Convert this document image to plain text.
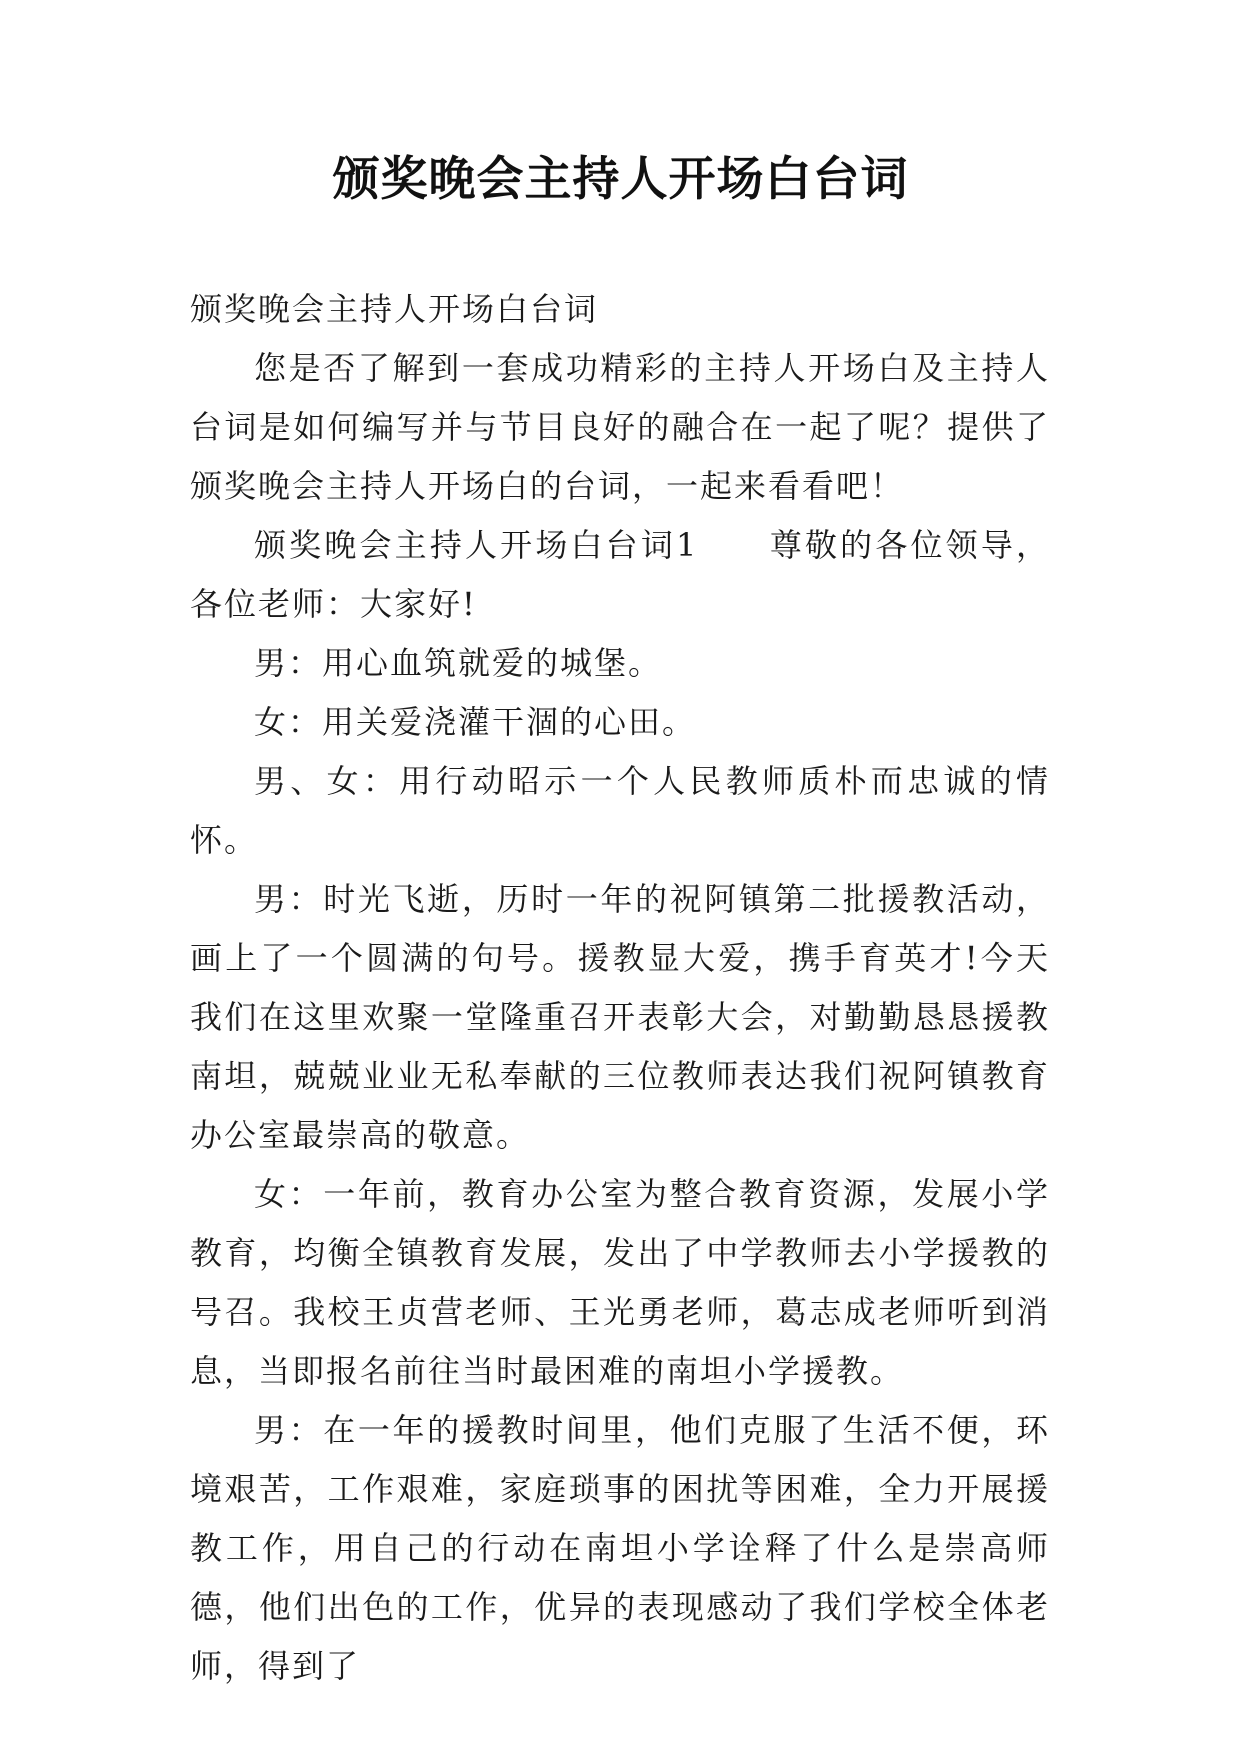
颁奖晚会主持人开场白台词

颁奖晚会主持人开场白台词

您是否了解到一套成功精彩的主持人开场白及主持人台词是如何编写并与节目良好的融合在一起了呢？提供了颁奖晚会主持人开场白的台词，一起来看看吧！

颁奖晚会主持人开场白台词1　　尊敬的各位领导，各位老师：大家好!

男：用心血筑就爱的城堡。

女：用关爱浇灌干涸的心田。

男、女：用行动昭示一个人民教师质朴而忠诚的情怀。

男：时光飞逝，历时一年的祝阿镇第二批援教活动，画上了一个圆满的句号。援教显大爱，携手育英才!今天我们在这里欢聚一堂隆重召开表彰大会，对勤勤恳恳援教南坦，兢兢业业无私奉献的三位教师表达我们祝阿镇教育办公室最崇高的敬意。

女：一年前，教育办公室为整合教育资源，发展小学教育，均衡全镇教育发展，发出了中学教师去小学援教的号召。我校王贞营老师、王光勇老师，葛志成老师听到消息，当即报名前往当时最困难的南坦小学援教。

男：在一年的援教时间里，他们克服了生活不便，环境艰苦，工作艰难，家庭琐事的困扰等困难，全力开展援教工作，用自己的行动在南坦小学诠释了什么是崇高师德，他们出色的工作，优异的表现感动了我们学校全体老师，得到了
